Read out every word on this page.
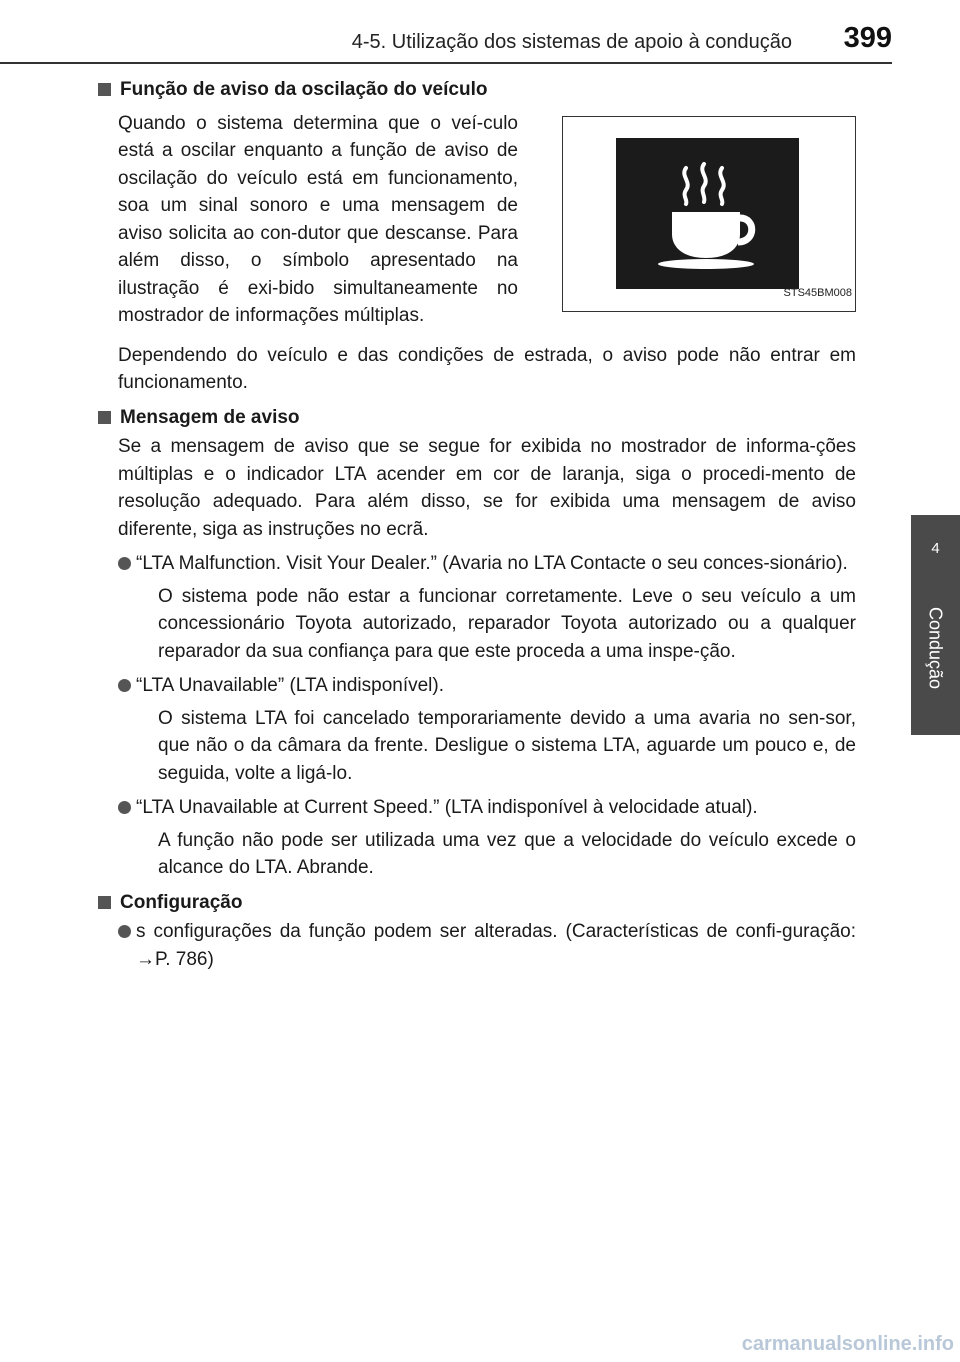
4-5. Utilização dos sistemas de apoio à condução 399
4
Condução
Função de aviso da oscilação do veículo
Quando o sistema determina que o veí-culo está a oscilar enquanto a função de aviso de oscilação do veículo está em funcionamento, soa um sinal sonoro e uma mensagem de aviso solicita ao con-dutor que descanse. Para além disso, o símbolo apresentado na ilustração é exi-bido simultaneamente no mostrador de informações múltiplas.
STS45BM008
Dependendo do veículo e das condições de estrada, o aviso pode não entrar em funcionamento.
Mensagem de aviso
Se a mensagem de aviso que se segue for exibida no mostrador de informa-ções múltiplas e o indicador LTA acender em cor de laranja, siga o procedi-mento de resolução adequado. Para além disso, se for exibida uma mensagem de aviso diferente, siga as instruções no ecrã.
“LTA Malfunction. Visit Your Dealer.” (Avaria no LTA Contacte o seu conces-sionário).
O sistema pode não estar a funcionar corretamente. Leve o seu veículo a um concessionário Toyota autorizado, reparador Toyota autorizado ou a qualquer reparador da sua confiança para que este proceda a uma inspe-ção.
“LTA Unavailable” (LTA indisponível).
O sistema LTA foi cancelado temporariamente devido a uma avaria no sen-sor, que não o da câmara da frente. Desligue o sistema LTA, aguarde um pouco e, de seguida, volte a ligá-lo.
“LTA Unavailable at Current Speed.” (LTA indisponível à velocidade atual).
A função não pode ser utilizada uma vez que a velocidade do veículo excede o alcance do LTA. Abrande.
Configuração
s configurações da função podem ser alteradas. (Características de confi-guração: →P. 786)
carmanualsonline.info
